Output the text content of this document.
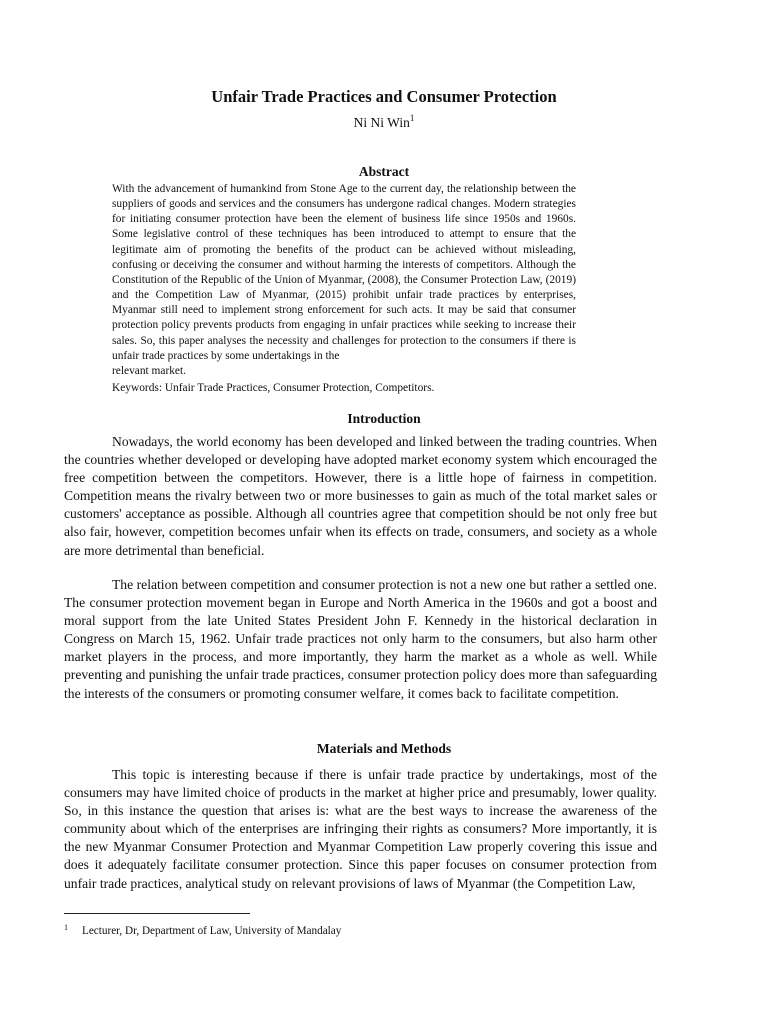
Unfair Trade Practices and Consumer Protection
Ni Ni Win$^1$
Abstract
With the advancement of humankind from Stone Age to the current day, the relationship between the suppliers of goods and services and the consumers has undergone radical changes. Modern strategies for initiating consumer protection have been the element of business life since 1950s and 1960s. Some legislative control of these techniques has been introduced to attempt to ensure that the legitimate aim of promoting the benefits of the product can be achieved without misleading, confusing or deceiving the consumer and without harming the interests of competitors. Although the Constitution of the Republic of the Union of Myanmar, (2008), the Consumer Protection Law, (2019) and the Competition Law of Myanmar, (2015) prohibit unfair trade practices by enterprises, Myanmar still need to implement strong enforcement for such acts. It may be said that consumer protection policy prevents products from engaging in unfair practices while seeking to increase their sales. So, this paper analyses the necessity and challenges for protection to the consumers if there is unfair trade practices by some undertakings in the
relevant market.

Keywords: Unfair Trade Practices, Consumer Protection, Competitors.

Introduction

Nowadays, the world economy has been developed and linked between the trading countries. When the countries whether developed or developing have adopted market economy system which encouraged the free competition between the competitors. However, there is a little hope of fairness in competition. Competition means the rivalry between two or more businesses to gain as much of the total market sales or customers' acceptance as possible. Although all countries agree that competition should be not only free but also fair, however, competition becomes unfair when its effects on trade, consumers, and society as a whole are more detrimental than beneficial.

The relation between competition and consumer protection is not a new one but rather a settled one. The consumer protection movement began in Europe and North America in the 1960s and got a boost and moral support from the late United States President John F. Kennedy in the historical declaration in Congress on March 15, 1962. Unfair trade practices not only harm to the consumers, but also harm other market players in the process, and more importantly, they harm the market as a whole as well. While preventing and punishing the unfair trade practices, consumer protection policy does more than safeguarding the interests of the consumers or promoting consumer welfare, it comes back to facilitate competition.

Materials and Methods

This topic is interesting because if there is unfair trade practice by undertakings, most of the consumers may have limited choice of products in the market at higher price and presumably, lower quality. So, in this instance the question that arises is: what are the best ways to increase the awareness of the community about which of the enterprises are infringing their rights as consumers? More importantly, it is the new Myanmar Consumer Protection and Myanmar Competition Law properly covering this issue and does it adequately facilitate consumer protection. Since this paper focuses on consumer protection from unfair trade practices, analytical study on relevant provisions of laws of Myanmar (the Competition Law,

1 Lecturer, Dr, Department of Law, University of Mandalay
